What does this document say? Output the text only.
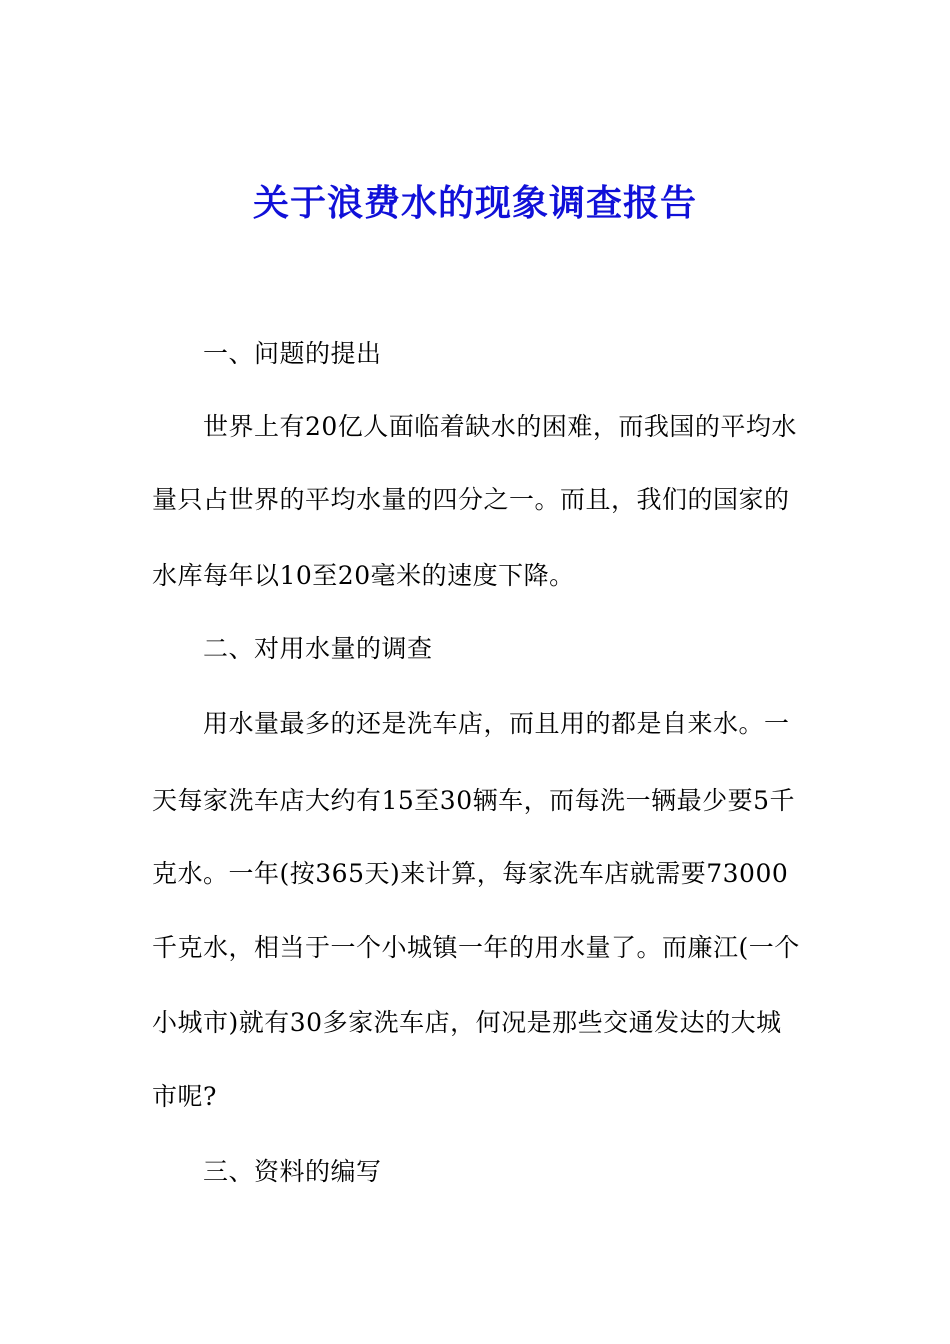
关于浪费水的现象调查报告
一、问题的提出
世界上有20亿人面临着缺水的困难，而我国的平均水
量只占世界的平均水量的四分之一。而且，我们的国家的
水库每年以10至20毫米的速度下降。
二、对用水量的调查
用水量最多的还是洗车店，而且用的都是自来水。一
天每家洗车店大约有15至30辆车，而每洗一辆最少要5千
克水。一年(按365天)来计算，每家洗车店就需要73000
千克水，相当于一个小城镇一年的用水量了。而廉江(一个
小城市)就有30多家洗车店，何况是那些交通发达的大城
市呢?
三、资料的编写
